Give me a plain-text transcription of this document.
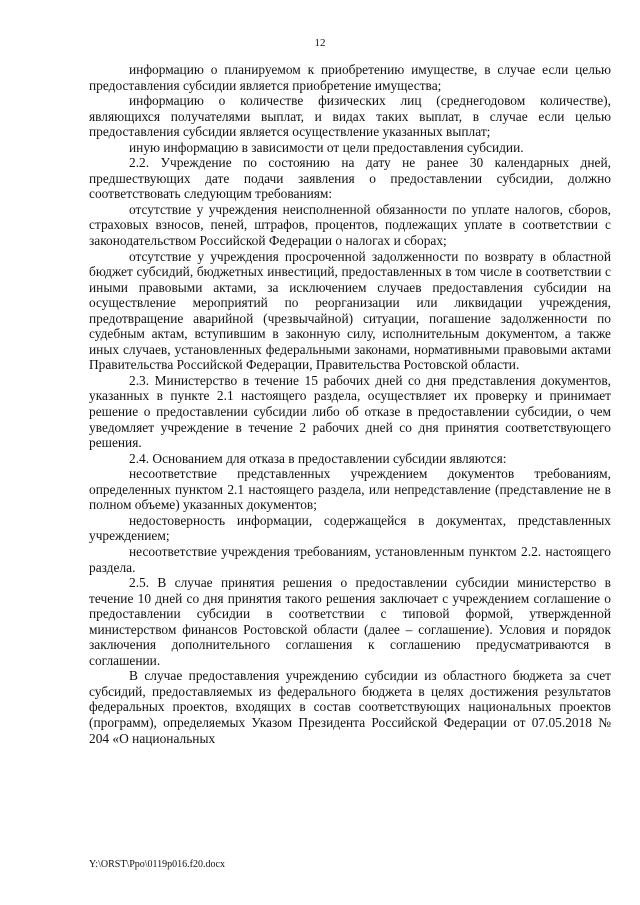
12

информацию о планируемом к приобретению имуществе, в случае если целью предоставления субсидии является приобретение имущества;

информацию о количестве физических лиц (среднегодовом количестве), являющихся получателями выплат, и видах таких выплат, в случае если целью предоставления субсидии является осуществление указанных выплат;

иную информацию в зависимости от цели предоставления субсидии.

2.2. Учреждение по состоянию на дату не ранее 30 календарных дней, предшествующих дате подачи заявления о предоставлении субсидии, должно соответствовать следующим требованиям:

отсутствие у учреждения неисполненной обязанности по уплате налогов, сборов, страховых взносов, пеней, штрафов, процентов, подлежащих уплате в соответствии с законодательством Российской Федерации о налогах и сборах;

отсутствие у учреждения просроченной задолженности по возврату в областной бюджет субсидий, бюджетных инвестиций, предоставленных в том числе в соответствии с иными правовыми актами, за исключением случаев предоставления субсидии на осуществление мероприятий по реорганизации или ликвидации учреждения, предотвращение аварийной (чрезвычайной) ситуации, погашение задолженности по судебным актам, вступившим в законную силу, исполнительным документом, а также иных случаев, установленных федеральными законами, нормативными правовыми актами Правительства Российской Федерации, Правительства Ростовской области.

2.3. Министерство в течение 15 рабочих дней со дня представления документов, указанных в пункте 2.1 настоящего раздела, осуществляет их проверку и принимает решение о предоставлении субсидии либо об отказе в предоставлении субсидии, о чем уведомляет учреждение в течение 2 рабочих дней со дня принятия соответствующего решения.

2.4. Основанием для отказа в предоставлении субсидии являются:

несоответствие представленных учреждением документов требованиям, определенных пунктом 2.1 настоящего раздела, или непредставление (представление не в полном объеме) указанных документов;

недостоверность информации, содержащейся в документах, представленных учреждением;

несоответствие учреждения требованиям, установленным пунктом 2.2. настоящего раздела.

2.5. В случае принятия решения о предоставлении субсидии министерство в течение 10 дней со дня принятия такого решения заключает с учреждением соглашение о предоставлении субсидии в соответствии с типовой формой, утвержденной министерством финансов Ростовской области (далее – соглашение). Условия и порядок заключения дополнительного соглашения к соглашению предусматриваются в соглашении.

В случае предоставления учреждению субсидии из областного бюджета за счет субсидий, предоставляемых из федерального бюджета в целях достижения результатов федеральных проектов, входящих в состав соответствующих национальных проектов (программ), определяемых Указом Президента Российской Федерации от 07.05.2018 № 204 «О национальных

Y:\ORST\Ppo\0119p016.f20.docx
